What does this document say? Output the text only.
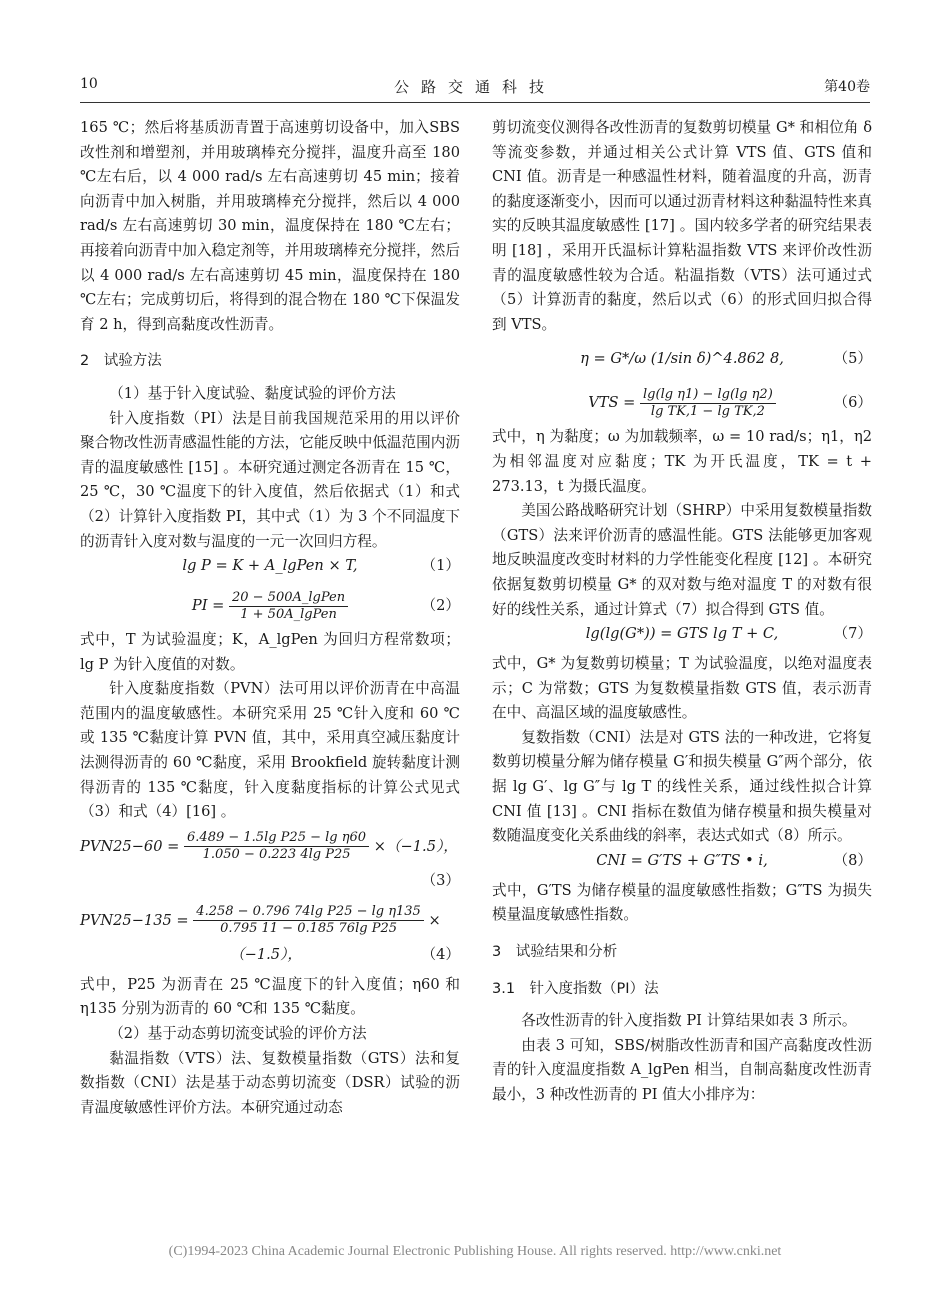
10	公路交通科技	第40卷

165 ℃；然后将基质沥青置于高速剪切设备中，加入SBS 改性剂和增塑剂，并用玻璃棒充分搅拌，温度升高至 180 ℃左右后，以 4 000 rad/s 左右高速剪切 45 min；接着向沥青中加入树脂，并用玻璃棒充分搅拌，然后以 4 000 rad/s 左右高速剪切 30 min，温度保持在 180 ℃左右；再接着向沥青中加入稳定剂等，并用玻璃棒充分搅拌，然后以 4 000 rad/s 左右高速剪切 45 min，温度保持在 180 ℃左右；完成剪切后，将得到的混合物在 180 ℃下保温发育 2 h，得到高黏度改性沥青。

2　试验方法

（1）基于针入度试验、黏度试验的评价方法

针入度指数（PI）法是目前我国规范采用的用以评价聚合物改性沥青感温性能的方法，它能反映中低温范围内沥青的温度敏感性 [15] 。本研究通过测定各沥青在 15 ℃，25 ℃，30 ℃温度下的针入度值，然后依据式（1）和式（2）计算针入度指数 PI，其中式（1）为 3 个不同温度下的沥青针入度对数与温度的一元一次回归方程。

lg P = K + A_lgPen × T,	（1）
PI = $\frac{\text{20 − 500A\_lgPen}}{\text{1 + 50A\_lgPen}}$	（2）

式中，T 为试验温度；K，A_lgPen 为回归方程常数项；lg P 为针入度值的对数。

针入度黏度指数（PVN）法可用以评价沥青在中高温范围内的温度敏感性。本研究采用 25 ℃针入度和 60 ℃或 135 ℃黏度计算 PVN 值，其中，采用真空减压黏度计法测得沥青的 60 ℃黏度，采用 Brookfield 旋转黏度计测得沥青的 135 ℃黏度，针入度黏度指标的计算公式见式（3）和式（4）[16] 。

$PVN25-60 = \frac{\text{6.489 − 1.5lg P25 − lg η60}}{\text{1.050 − 0.223 4lg P25}} \times(-1.5)$，
（3）
$PVN25-135 = \frac{\text{4.258 − 0.796 74lg P25 − lg η135}}{\text{0.795 11 − 0.185 76lg P25}}$ ×
（−1.5），	（4）

式中，P25 为沥青在 25 ℃温度下的针入度值；η60 和 η135 分别为沥青的 60 ℃和 135 ℃黏度。

（2）基于动态剪切流变试验的评价方法

黏温指数（VTS）法、复数模量指数（GTS）法和复数指数（CNI）法是基于动态剪切流变（DSR）试验的沥青温度敏感性评价方法。本研究通过动态

剪切流变仪测得各改性沥青的复数剪切模量 G* 和相位角 δ 等流变参数，并通过相关公式计算 VTS 值、GTS 值和 CNI 值。沥青是一种感温性材料，随着温度的升高，沥青的黏度逐渐变小，因而可以通过沥青材料这种黏温特性来真实的反映其温度敏感性 [17] 。国内较多学者的研究结果表明 [18] ，采用开氏温标计算粘温指数 VTS 来评价改性沥青的温度敏感性较为合适。粘温指数（VTS）法可通过式（5）计算沥青的黏度，然后以式（6）的形式回归拟合得到 VTS。

η = G*/ω (1/sin δ)^4.862 8,	（5）
VTS = $\frac{\text{lg(lg η1) − lg(lg η2)}}{\text{lg TK,1 − lg TK,2}}$	（6）

式中，η 为黏度；ω 为加载频率，ω = 10 rad/s；η1，η2 为相邻温度对应黏度；TK 为开氏温度，TK = t + 273.13，t 为摄氏温度。

美国公路战略研究计划（SHRP）中采用复数模量指数（GTS）法来评价沥青的感温性能。GTS 法能够更加客观地反映温度改变时材料的力学性能变化程度 [12] 。本研究依据复数剪切模量 G* 的双对数与绝对温度 T 的对数有很好的线性关系，通过计算式（7）拟合得到 GTS 值。

lg(lg(G*)) = GTS lg T + C,	（7）

式中，G* 为复数剪切模量；T 为试验温度，以绝对温度表示；C 为常数；GTS 为复数模量指数 GTS 值，表示沥青在中、高温区域的温度敏感性。

复数指数（CNI）法是对 GTS 法的一种改进，它将复数剪切模量分解为储存模量 G′和损失模量 G″两个部分，依据 lg G′、lg G″与 lg T 的线性关系，通过线性拟合计算 CNI 值 [13] 。CNI 指标在数值为储存模量和损失模量对数随温度变化关系曲线的斜率，表达式如式（8）所示。

CNI = G′TS + G″TS • i,	（8）

式中，G′TS 为储存模量的温度敏感性指数；G″TS 为损失模量温度敏感性指数。

3　试验结果和分析
3.1　针入度指数（PI）法

各改性沥青的针入度指数 PI 计算结果如表 3 所示。

由表 3 可知，SBS/树脂改性沥青和国产高黏度改性沥青的针入度温度指数 A_lgPen 相当，自制高黏度改性沥青最小，3 种改性沥青的 PI 值大小排序为：

(C)1994-2023 China Academic Journal Electronic Publishing House. All rights reserved. http://www.cnki.net
